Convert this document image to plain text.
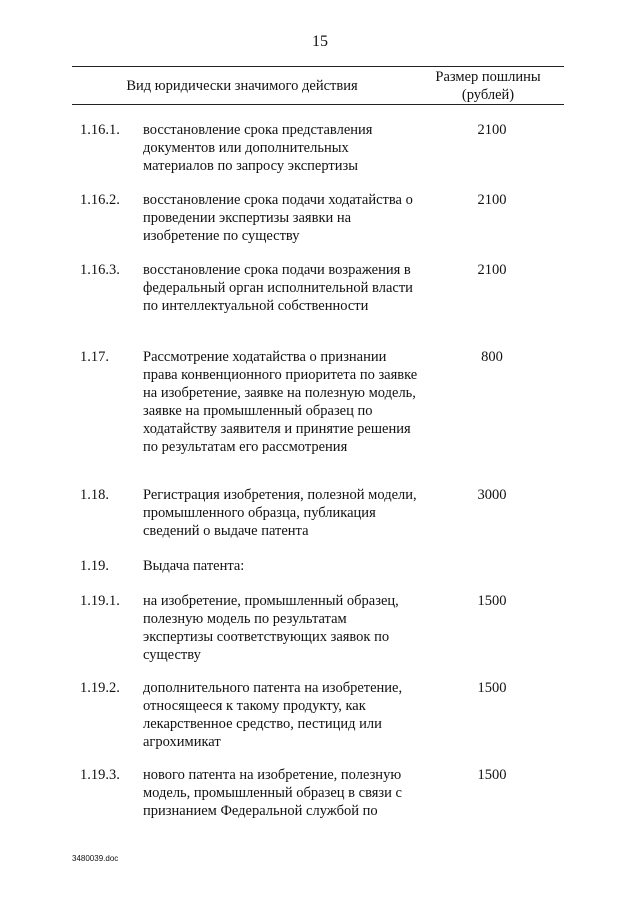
15
Вид юридически значимого действия
Размер пошлины (рублей)
1.16.1. восстановление срока представления документов или дополнительных материалов по запросу экспертизы
2100
1.16.2. восстановление срока подачи ходатайства о проведении экспертизы заявки на изобретение по существу
2100
1.16.3. восстановление срока подачи возражения в федеральный орган исполнительной власти по интеллектуальной собственности
2100
1.17. Рассмотрение ходатайства о признании права конвенционного приоритета по заявке на изобретение, заявке на полезную модель, заявке на промышленный образец по ходатайству заявителя и принятие решения по результатам его рассмотрения
800
1.18. Регистрация изобретения, полезной модели, промышленного образца, публикация сведений о выдаче патента
3000
1.19. Выдача патента:
1.19.1. на изобретение, промышленный образец, полезную модель по результатам экспертизы соответствующих заявок по существу
1500
1.19.2. дополнительного патента на изобретение, относящееся к такому продукту, как лекарственное средство, пестицид или агрохимикат
1500
1.19.3. нового патента на изобретение, полезную модель, промышленный образец в связи с признанием Федеральной службой по
1500
3480039.doc
